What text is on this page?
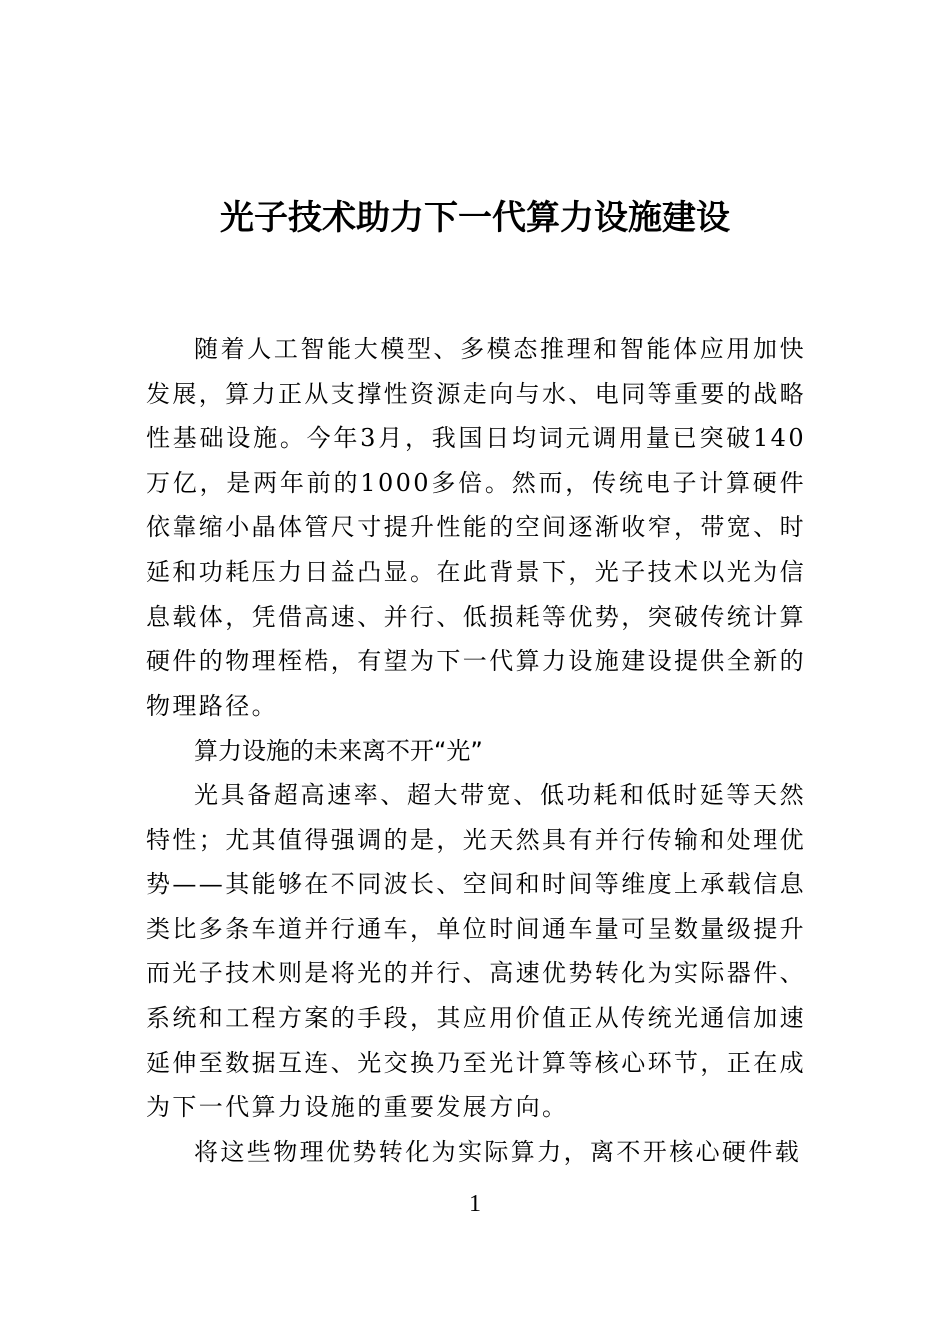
光子技术助力下一代算力设施建设

随着人工智能大模型、多模态推理和智能体应用加快发展，算力正从支撑性资源走向与水、电同等重要的战略性基础设施。今年3月，我国日均词元调用量已突破140万亿，是两年前的1000多倍。然而，传统电子计算硬件依靠缩小晶体管尺寸提升性能的空间逐渐收窄，带宽、时延和功耗压力日益凸显。在此背景下，光子技术以光为信息载体，凭借高速、并行、低损耗等优势，突破传统计算硬件的物理桎梏，有望为下一代算力设施建设提供全新的物理路径。

算力设施的未来离不开“光”

光具备超高速率、超大带宽、低功耗和低时延等天然特性；尤其值得强调的是，光天然具有并行传输和处理优势——其能够在不同波长、空间和时间等维度上承载信息类比多条车道并行通车，单位时间通车量可呈数量级提升而光子技术则是将光的并行、高速优势转化为实际器件、系统和工程方案的手段，其应用价值正从传统光通信加速延伸至数据互连、光交换乃至光计算等核心环节，正在成为下一代算力设施的重要发展方向。

将这些物理优势转化为实际算力，离不开核心硬件载

1
